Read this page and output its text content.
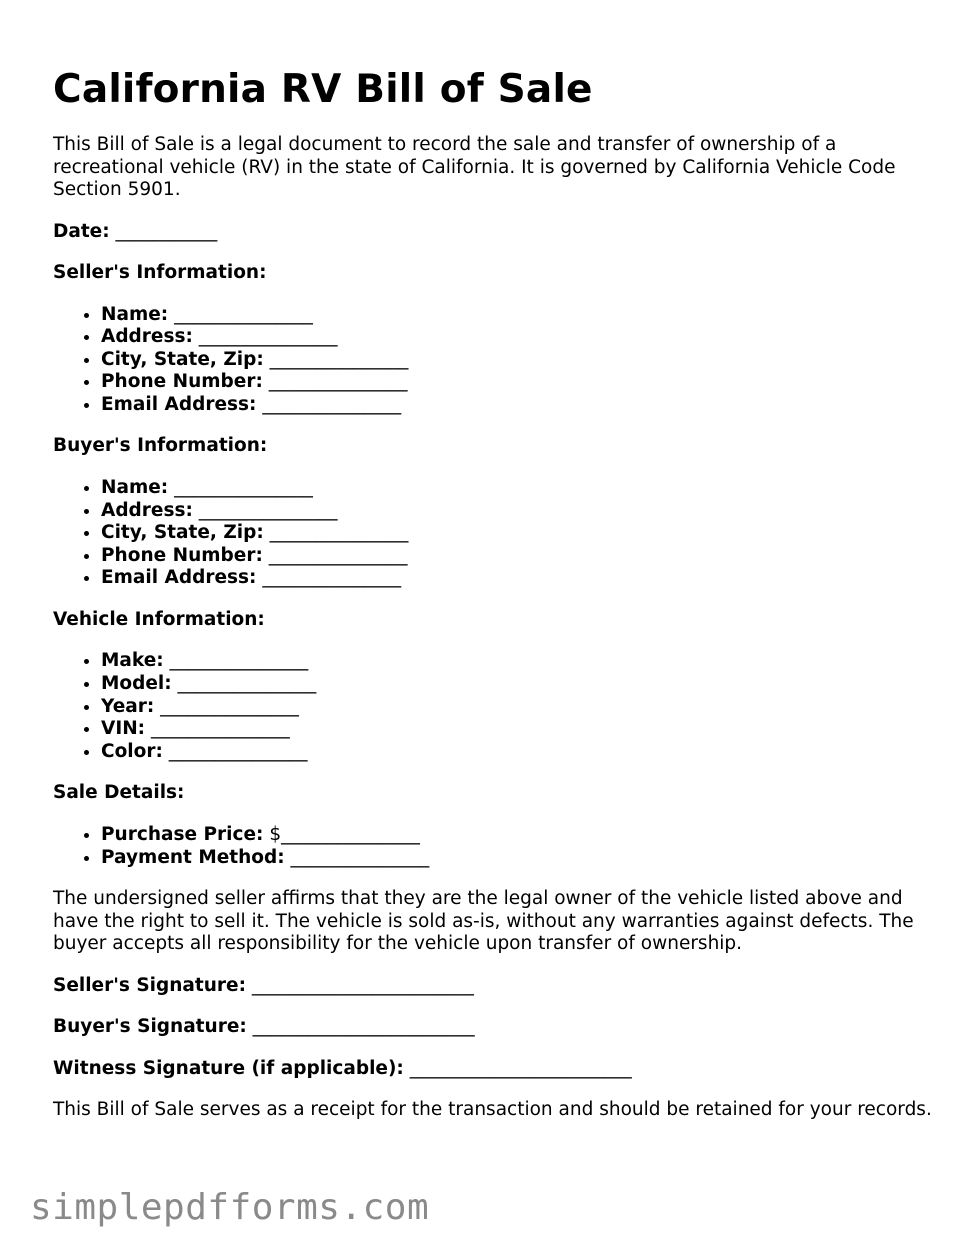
California RV Bill of Sale

This Bill of Sale is a legal document to record the sale and transfer of ownership of a recreational vehicle (RV) in the state of California. It is governed by California Vehicle Code Section 5901.

Date: ___________

Seller's Information:
• Name: _______________
• Address: _______________
• City, State, Zip: _______________
• Phone Number: _______________
• Email Address: _______________
Buyer's Information:
• Name: _______________
• Address: _______________
• City, State, Zip: _______________
• Phone Number: _______________
• Email Address: _______________
Vehicle Information:
• Make: _______________
• Model: _______________
• Year: _______________
• VIN: _______________
• Color: _______________
Sale Details:
• Purchase Price: $_______________
• Payment Method: _______________

The undersigned seller affirms that they are the legal owner of the vehicle listed above and have the right to sell it. The vehicle is sold as-is, without any warranties against defects. The buyer accepts all responsibility for the vehicle upon transfer of ownership.

Seller's Signature: ________________________

Buyer's Signature: ________________________

Witness Signature (if applicable): ________________________

This Bill of Sale serves as a receipt for the transaction and should be retained for your records.

simplepdfforms.com
